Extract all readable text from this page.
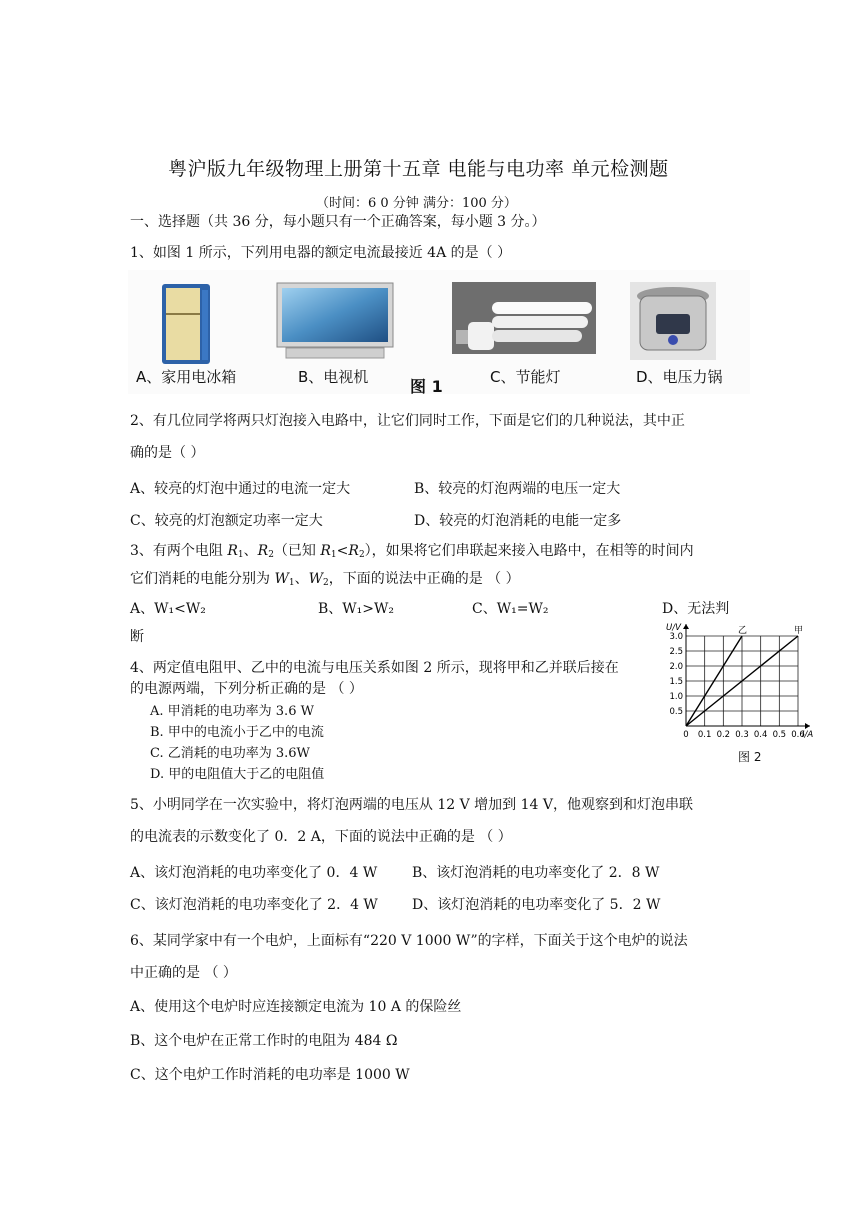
粤沪版九年级物理上册第十五章 电能与电功率 单元检测题
（时间：6 0 分钟 满分：100 分）
一、选择题（共 36 分，每小题只有一个正确答案，每小题 3 分。）
1、如图 1 所示，下列用电器的额定电流最接近 4A 的是（ ）
A、家用电冰箱	B、电视机	图 1	C、节能灯	D、电压力锅
2、有几位同学将两只灯泡接入电路中，让它们同时工作，下面是它们的几种说法，其中正
确的是（ ）
A、较亮的灯泡中通过的电流一定大	B、较亮的灯泡两端的电压一定大
C、较亮的灯泡额定功率一定大	D、较亮的灯泡消耗的电能一定多
3、有两个电阻 $R_1$、$R_2$（已知 $R_1<R_2$），如果将它们串联起来接入电路中，在相等的时间内
它们消耗的电能分别为 $W_1$、$W_2$，下面的说法中正确的是 （ ）
A、W₁<W₂	B、W₁>W₂	C、W₁=W₂	D、无法判
断
4、两定值电阻甲、乙中的电流与电压关系如图 2 所示，现将甲和乙并联后接在
的电源两端，下列分析正确的是 （ ）
A. 甲消耗的电功率为 3.6 W
B. 甲中的电流小于乙中的电流
C. 乙消耗的电功率为 3.6W
D. 甲的电阻值大于乙的电阻值
乙	甲
0 0.1 0.2 0.3 0.4 0.5 0.6
0.5
1.0
1.5
2.0
2.5
3.0
I/A
U/V
图 2
5、小明同学在一次实验中，将灯泡两端的电压从 12 V 增加到 14 V，他观察到和灯泡串联
的电流表的示数变化了 0．2 A，下面的说法中正确的是 （ ）
A、该灯泡消耗的电功率变化了 0．4 W B、该灯泡消耗的电功率变化了 2．8 W
C、该灯泡消耗的电功率变化了 2．4 W D、该灯泡消耗的电功率变化了 5．2 W
6、某同学家中有一个电炉，上面标有“220 V 1000 W”的字样，下面关于这个电炉的说法
中正确的是 （ ）
A、使用这个电炉时应连接额定电流为 10 A 的保险丝
B、这个电炉在正常工作时的电阻为 484 Ω
C、这个电炉工作时消耗的电功率是 1000 W
